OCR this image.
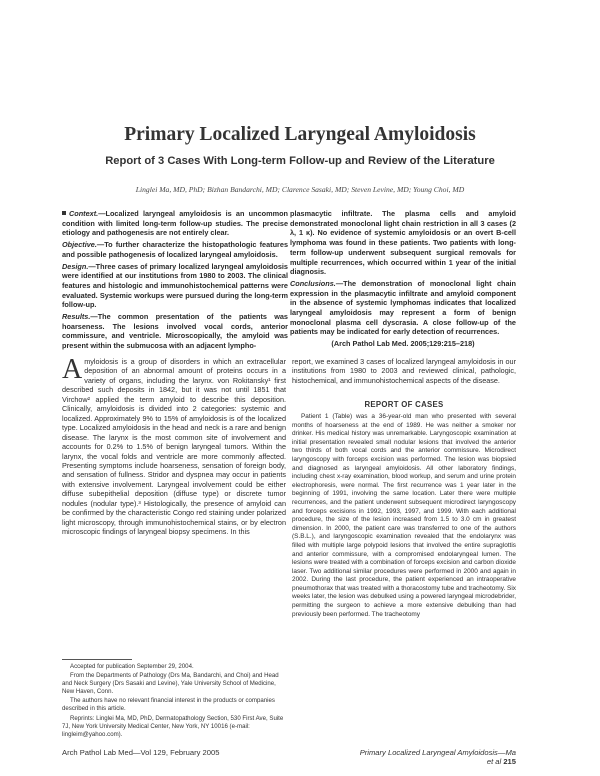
Primary Localized Laryngeal Amyloidosis
Report of 3 Cases With Long-term Follow-up and Review of the Literature
Linglei Ma, MD, PhD; Bizhan Bandarchi, MD; Clarence Sasaki, MD; Steven Levine, MD; Young Choi, MD

Context.—Localized laryngeal amyloidosis is an uncommon condition with limited long-term follow-up studies. The precise etiology and pathogenesis are not entirely clear.

Objective.—To further characterize the histopathologic features and possible pathogenesis of localized laryngeal amyloidosis.

Design.—Three cases of primary localized laryngeal amyloidosis were identified at our institutions from 1980 to 2003. The clinical features and histologic and immunohistochemical patterns were evaluated. Systemic workups were pursued during the long-term follow-up.

Results.—The common presentation of the patients was hoarseness. The lesions involved vocal cords, anterior commissure, and ventricle. Microscopically, the amyloid was present within the submucosa with an adjacent lympho-

plasmacytic infiltrate. The plasma cells and amyloid demonstrated monoclonal light chain restriction in all 3 cases (2 λ, 1 κ). No evidence of systemic amyloidosis or an overt B-cell lymphoma was found in these patients. Two patients with long-term follow-up underwent subsequent surgical removals for multiple recurrences, which occurred within 1 year of the initial diagnosis.

Conclusions.—The demonstration of monoclonal light chain expression in the plasmacytic infiltrate and amyloid component in the absence of systemic lymphomas indicates that localized laryngeal amyloidosis may represent a form of benign monoclonal plasma cell dyscrasia. A close follow-up of the patients may be indicated for early detection of recurrences.

(Arch Pathol Lab Med. 2005;129:215–218)

Amyloidosis is a group of disorders in which an extracellular deposition of an abnormal amount of proteins occurs in a variety of organs, including the larynx. von Rokitansky¹ first described such deposits in 1842, but it was not until 1851 that Virchow² applied the term amyloid to describe this deposition. Clinically, amyloidosis is divided into 2 categories: systemic and localized. Approximately 9% to 15% of amyloidosis is of the localized type. Localized amyloidosis in the head and neck is a rare and benign disease. The larynx is the most common site of involvement and accounts for 0.2% to 1.5% of benign laryngeal tumors. Within the larynx, the vocal folds and ventricle are more commonly affected. Presenting symptoms include hoarseness, sensation of foreign body, and sensation of fullness. Stridor and dyspnea may occur in patients with extensive involvement. Laryngeal involvement could be either diffuse subepithelial deposition (diffuse type) or discrete tumor nodules (nodular type).³ Histologically, the presence of amyloid can be confirmed by the characteristic Congo red staining under polarized light microscopy, through immunohistochemical stains, or by electron microscopic findings of laryngeal biopsy specimens. In this

report, we examined 3 cases of localized laryngeal amyloidosis in our institutions from 1980 to 2003 and reviewed clinical, pathologic, histochemical, and immunohistochemical aspects of the disease.

REPORT OF CASES

Patient 1 (Table) was a 36-year-old man who presented with several months of hoarseness at the end of 1989. He was neither a smoker nor drinker. His medical history was unremarkable. Laryngoscopic examination at initial presentation revealed small nodular lesions that involved the anterior two thirds of both vocal cords and the anterior commissure. Microdirect laryngoscopy with forceps excision was performed. The lesion was biopsied and diagnosed as laryngeal amyloidosis. All other laboratory findings, including chest x-ray examination, blood workup, and serum and urine protein electrophoresis, were normal. The first recurrence was 1 year later in the beginning of 1991, involving the same location. Later there were multiple recurrences, and the patient underwent subsequent microdirect laryngoscopy and forceps excisions in 1992, 1993, 1997, and 1999. With each additional procedure, the size of the lesion increased from 1.5 to 3.0 cm in greatest dimension. In 2000, the patient care was transferred to one of the authors (S.B.L.), and laryngoscopic examination revealed that the endolarynx was filled with multiple large polypoid lesions that involved the entire supraglottis and anterior commissure, with a compromised endolaryngeal lumen. The lesions were treated with a combination of forceps excision and carbon dioxide laser. Two additional similar procedures were performed in 2000 and again in 2002. During the last procedure, the patient experienced an intraoperative pneumothorax that was treated with a thoracostomy tube and tracheotomy. Six weeks later, the lesion was debulked using a powered laryngeal microdebrider, permitting the surgeon to achieve a more extensive debulking than had previously been performed. The tracheotomy

Accepted for publication September 29, 2004.

From the Departments of Pathology (Drs Ma, Bandarchi, and Choi) and Head and Neck Surgery (Drs Sasaki and Levine), Yale University School of Medicine, New Haven, Conn.

The authors have no relevant financial interest in the products or companies described in this article.

Reprints: Linglei Ma, MD, PhD, Dermatopathology Section, 530 First Ave, Suite 7J, New York University Medical Center, New York, NY 10016 (e-mail: lingleim@yahoo.com).

Arch Pathol Lab Med—Vol 129, February 2005	Primary Localized Laryngeal Amyloidosis—Ma et al 215
